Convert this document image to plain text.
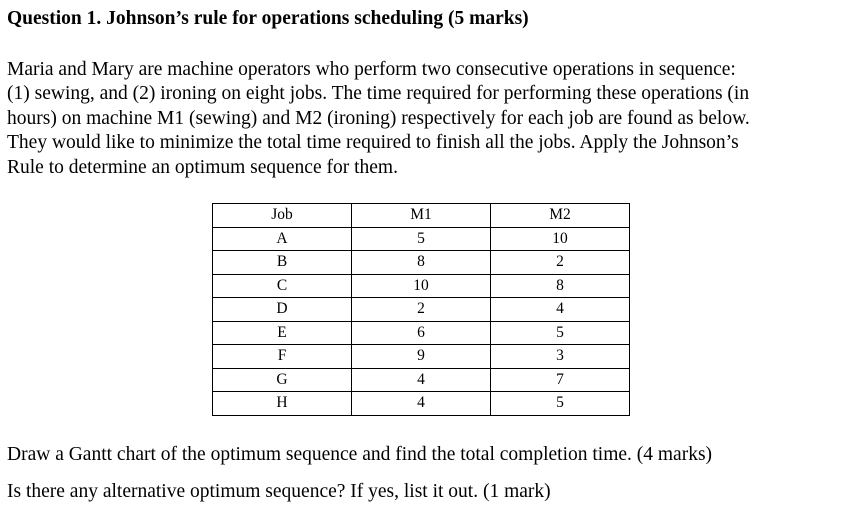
Question 1. Johnson’s rule for operations scheduling (5 marks)
Maria and Mary are machine operators who perform two consecutive operations in sequence:
(1) sewing, and (2) ironing on eight jobs. The time required for performing these operations (in
hours) on machine M1 (sewing) and M2 (ironing) respectively for each job are found as below.
They would like to minimize the total time required to finish all the jobs. Apply the Johnson’s
Rule to determine an optimum sequence for them.
Job	M1	M2
A	5	10
B	8	2
C	10	8
D	2	4
E	6	5
F	9	3
G	4	7
H	4	5
Draw a Gantt chart of the optimum sequence and find the total completion time. (4 marks)
Is there any alternative optimum sequence? If yes, list it out. (1 mark)
